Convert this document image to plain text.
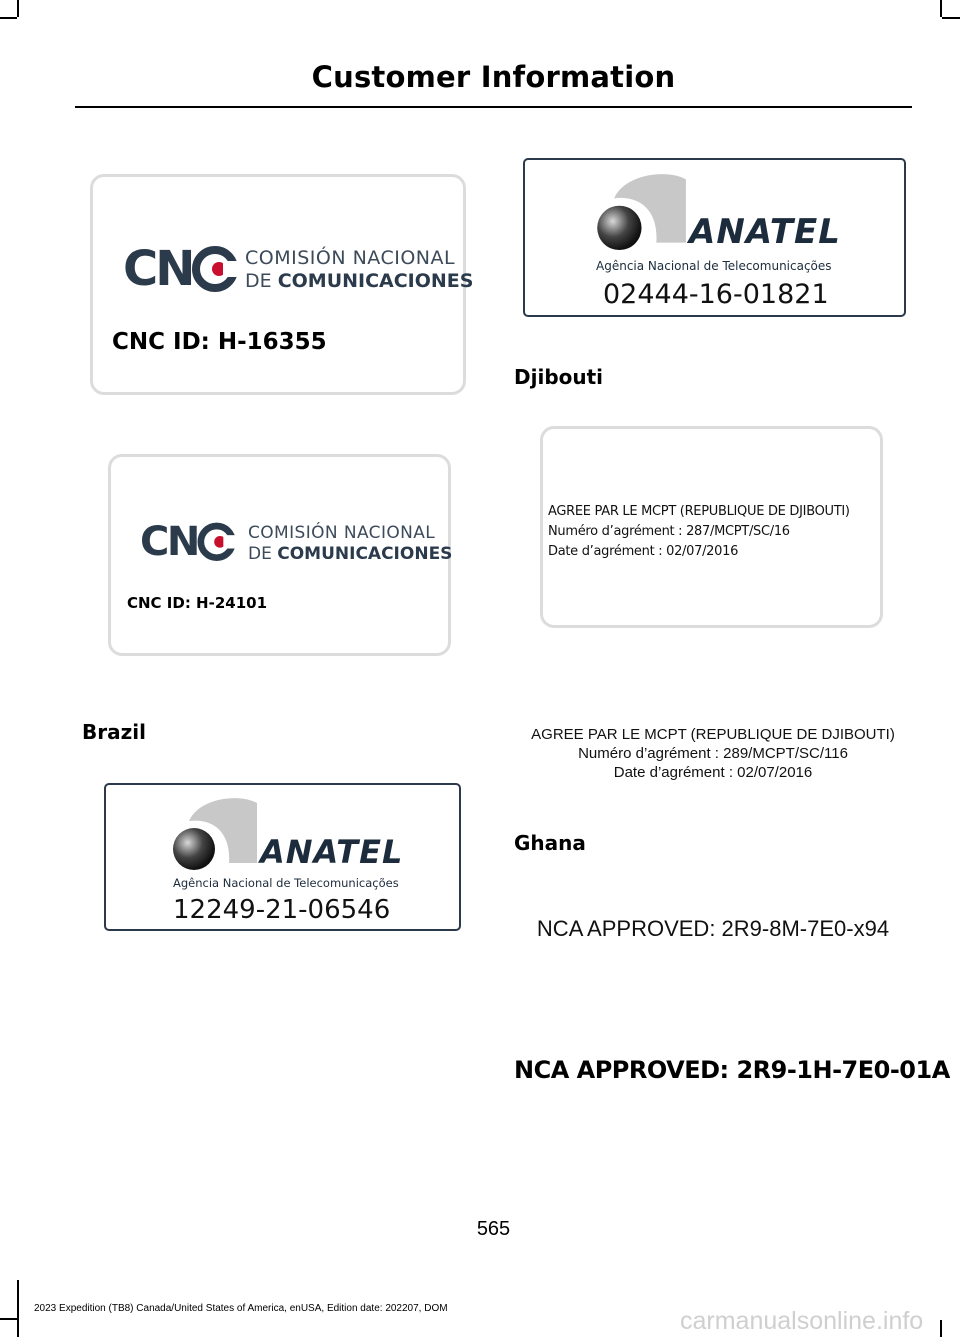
Customer Information
CN	COMISIÓN NACIONAL
DE COMUNICACIONES
CNC ID: H-16355
CN	COMISIÓN NACIONAL
DE COMUNICACIONES
CNC ID: H-24101
Brazil
ANATEL
Agência Nacional de Telecomunicações
12249-21-06546
ANATEL
Agência Nacional de Telecomunicações
02444-16-01821
Djibouti
AGREE PAR LE MCPT (REPUBLIQUE DE DJIBOUTI)
Numéro d’agrément : 287/MCPT/SC/16
Date d’agrément : 02/07/2016
AGREE PAR LE MCPT (REPUBLIQUE DE DJIBOUTI)
Numéro d’agrément : 289/MCPT/SC/116
Date d’agrément : 02/07/2016
Ghana
NCA APPROVED: 2R9-8M-7E0-x94
NCA APPROVED: 2R9-1H-7E0-01A
565
2023 Expedition (TB8) Canada/United States of America, enUSA, Edition date: 202207, DOM	carmanualsonline.info
